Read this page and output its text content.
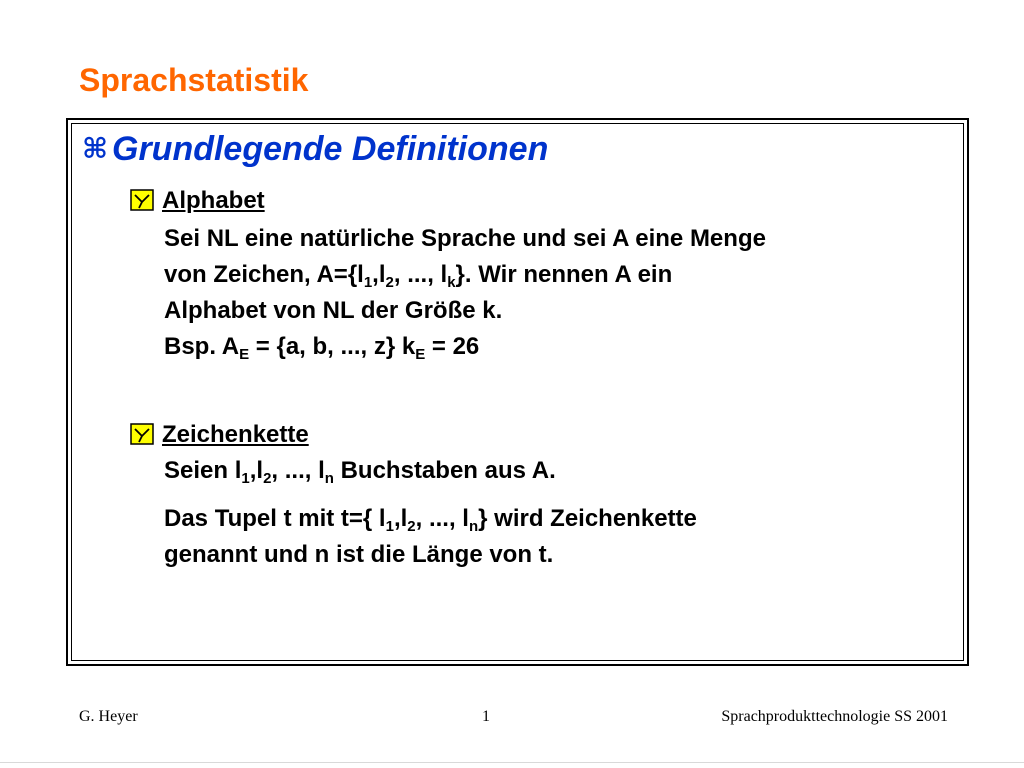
Sprachstatistik
⌘ Grundlegende Definitionen
Alphabet
Sei NL eine natürliche Sprache und sei A eine Menge
von Zeichen, $A=\{l_1,l_2$, ..., $l_k$}. Wir nennen A ein
Alphabet von NL der Größe k.
Bsp. $A_E = \{a$, b, ..., z} $k_E = 26$
Zeichenkette
Seien $l_1,l_2$, ..., $l_n$ Buchstaben aus A.
Das Tupel t mit t={ $l_1,l_2$, ..., $l_n$} wird Zeichenkette
genannt und n ist die Länge von t.
G. Heyer	1	Sprachprodukttechnologie SS 2001
